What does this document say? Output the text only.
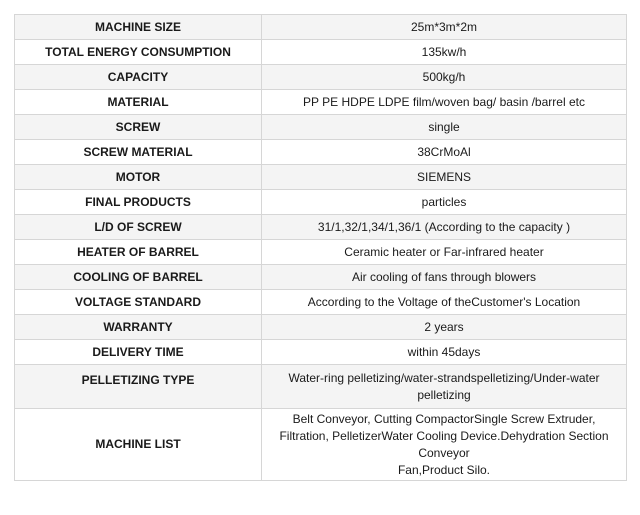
MACHINE SIZE	25m*3m*2m
TOTAL ENERGY CONSUMPTION	135kw/h
CAPACITY	500kg/h
MATERIAL	PP PE HDPE LDPE film/woven bag/ basin /barrel etc
SCREW	single
SCREW MATERIAL	38CrMoAl
MOTOR	SIEMENS
FINAL PRODUCTS	particles
L/D OF SCREW	31/1,32/1,34/1,36/1 (According to the capacity )
HEATER OF BARREL	Ceramic heater or Far-infrared heater
COOLING OF BARREL	Air cooling of fans through blowers
VOLTAGE STANDARD	According to the Voltage of theCustomer's Location
WARRANTY	2 years
DELIVERY TIME	within 45days
PELLETIZING TYPE	Water-ring pelletizing/water-strandspelletizing/Under-water pelletizing
MACHINE LIST	Belt Conveyor, Cutting CompactorSingle Screw Extruder, Filtration, PelletizerWater Cooling Device.Dehydration Section Conveyor
Fan,Product Silo.
